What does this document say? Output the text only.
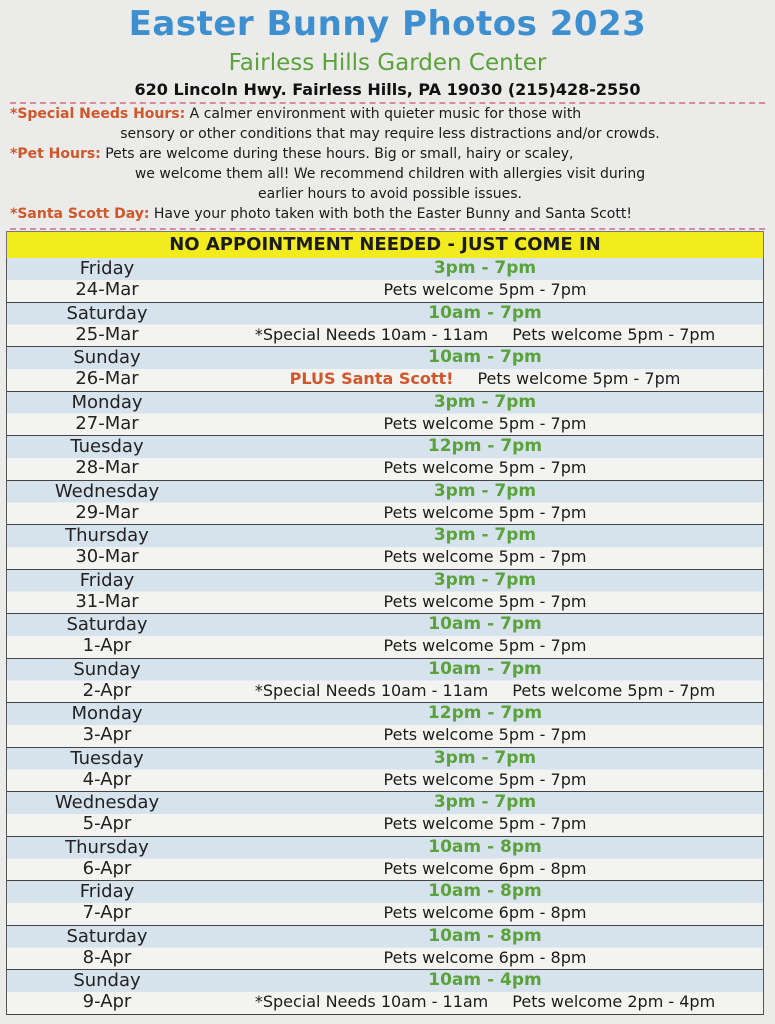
Easter Bunny Photos 2023
Fairless Hills Garden Center
620 Lincoln Hwy. Fairless Hills, PA 19030 (215)428-2550
*Special Needs Hours: A calmer environment with quieter music for those with
sensory or other conditions that may require less distractions and/or crowds.
*Pet Hours: Pets are welcome during these hours. Big or small, hairy or scaley,
we welcome them all! We recommend children with allergies visit during
earlier hours to avoid possible issues.
*Santa Scott Day: Have your photo taken with both the Easter Bunny and Santa Scott!
NO APPOINTMENT NEEDED - JUST COME IN
Friday
24-Mar
3pm - 7pm
Pets welcome 5pm - 7pm
Saturday
25-Mar
10am - 7pm
*Special Needs 10am - 11am Pets welcome 5pm - 7pm
Sunday
26-Mar
10am - 7pm
PLUS Santa Scott! Pets welcome 5pm - 7pm
Monday
27-Mar
3pm - 7pm
Pets welcome 5pm - 7pm
Tuesday
28-Mar
12pm - 7pm
Pets welcome 5pm - 7pm
Wednesday
29-Mar
3pm - 7pm
Pets welcome 5pm - 7pm
Thursday
30-Mar
3pm - 7pm
Pets welcome 5pm - 7pm
Friday
31-Mar
3pm - 7pm
Pets welcome 5pm - 7pm
Saturday
1-Apr
10am - 7pm
Pets welcome 5pm - 7pm
Sunday
2-Apr
10am - 7pm
*Special Needs 10am - 11am Pets welcome 5pm - 7pm
Monday
3-Apr
12pm - 7pm
Pets welcome 5pm - 7pm
Tuesday
4-Apr
3pm - 7pm
Pets welcome 5pm - 7pm
Wednesday
5-Apr
3pm - 7pm
Pets welcome 5pm - 7pm
Thursday
6-Apr
10am - 8pm
Pets welcome 6pm - 8pm
Friday
7-Apr
10am - 8pm
Pets welcome 6pm - 8pm
Saturday
8-Apr
10am - 8pm
Pets welcome 6pm - 8pm
Sunday
9-Apr
10am - 4pm
*Special Needs 10am - 11am Pets welcome 2pm - 4pm
